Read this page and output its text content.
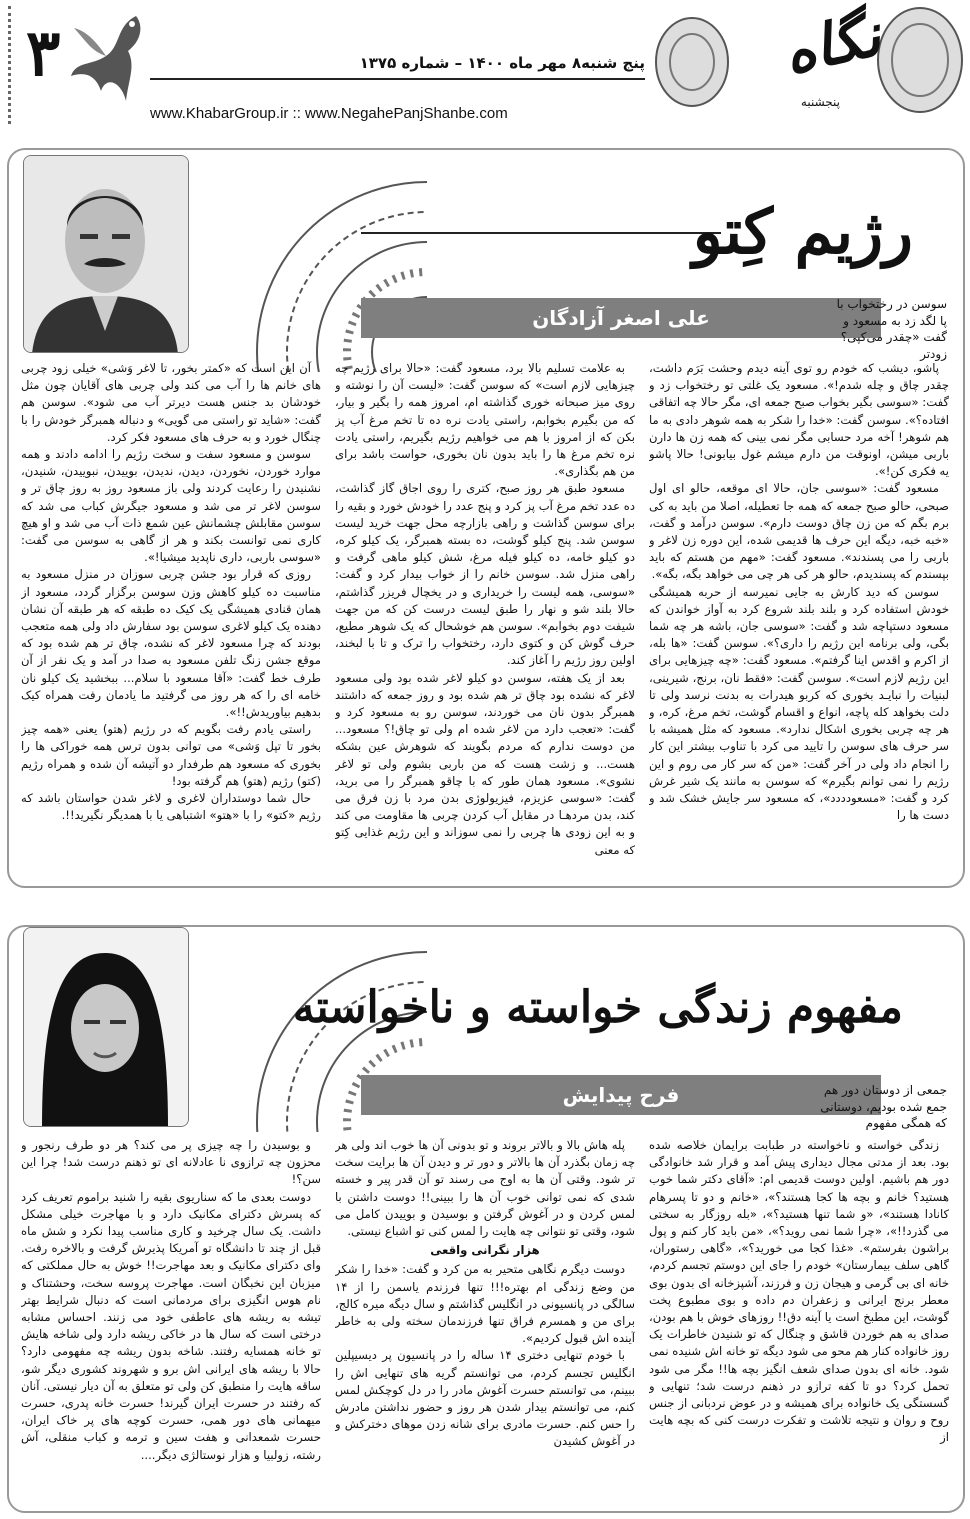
۳	پنج شنبه۸ مهر ماه ۱۴۰۰ – شماره ۱۳۷۵
www.KhabarGroup.ir :: www.NegahePanjShanbe.com
نگاه
پنجشنبه
رژیم کِتو
علی اصغر آزادگان
سوسن در رختخواب با پا لگد زد به مسعود و گفت «چقدر می‌کپی؟ زودتر

پاشو، دیشب که خودم رو توی آینه دیدم وحشت بَرَم داشت، چقدر چاق و چله شدم!». مسعود یک غلتی تو رختخواب زد و گفت: «سوسی بگیر بخواب صبح جمعه ای، مگر حالا چه اتفاقی افتاده؟». سوسن گفت: «خدا را شکر به همه شوهر دادی به ما هم شوهر! آخه مرد حسابی مگر نمی بینی که همه زن ها دارن باربی میشن، اونوقت من دارم میشم غول بیابونی! حالا پاشو یه فکری کن!».

مسعود گفت: «سوسی جان، حالا ای موقعه، حالو ای اول صبحی، حالو صبح جمعه که همه جا تعطیله، اصلا من باید به کی برم بگم که من زن چاق دوست دارم». سوسن درآمد و گفت، «خبه خبه، دیگه این حرف ها قدیمی شده، این دوره زن لاغر و باربی را می پسندند». مسعود گفت: «مهم من هستم که باید بپسندم که پسندیدم، حالو هر کی هر چی می خواهد بگه، بگه».

سوسن که دید کارش به جایی نمیرسه از حربه همیشگی خودش استفاده کرد و بلند بلند شروع کرد به آواز خواندن که مسعود دستپاچه شد و گفت: «سوسی جان، باشه هر چه شما بگی، ولی برنامه این رژیم را داری؟». سوسن گفت: «ها بله، از اکرم و اقدس اینا گرفتم». مسعود گفت: «چه چیزهایی برای این رژیم لازم است». سوسن گفت: «فقط نان، برنج، شیرینی، لبنیات را نبایـد بخوری که کربو هیدرات به بدنت نرسد ولی تا دلت بخواهد کله پاچه، انواع و اقسام گوشت، تخم مرغ، کره، و هر چه چربی بخوری اشکال ندارد». مسعود که مثل همیشه با سر حرف های سوسن را تایید می کرد با تناوب بیشتر این کار را انجام داد ولی در آخر گفت: «من که سر کار می روم و این رژیم را نمی توانم بگیرم» که سوسن به مانند یک شیر غرش کرد و گفت: «مسعودددد»، که مسعود سر جایش خشک شد و دست ها را

به علامت تسلیم بالا برد، مسعود گفت: «حالا برای رژیم چه چیزهایی لازم است» که سوسن گفت: «لیست آن را نوشته و روی میز صبحانه خوری گذاشته ام، امروز همه را بگیر و بیار، که من بگیرم بخوابم، راستی یادت نره ده تا تخم مرغ آب پز بکن که از امروز با هم می خواهیم رژیم بگیریم، راستی یادت نره تخم مرغ ها را باید بدون نان بخوری، حواست باشد برای من هم بگذاری».

مسعود طبق هر روز صبح، کتری را روی اجاق گاز گذاشت، ده عدد تخم مرغ آب پز کرد و پنج عدد را خودش خورد و بقیه را برای سوسن گذاشت و راهی بازارچه محل جهت خرید لیست سوسن شد. پنج کیلو گوشت، ده بسته همبرگر، یک کیلو کره، دو کیلو خامه، ده کیلو فیله مرغ، شش کیلو ماهی گرفت و راهی منزل شد. سوسن خانم را از خواب بیدار کرد و گفت: «سوسی، همه لیست را خریداری و در یخچال فریزر گذاشتم، حالا بلند شو و نهار را طبق لیست درست کن که من جهت شیفت دوم بخوابم». سوسن هم خوشحال که یک شوهر مطیع، حرف گوش کن و کتوی دارد، رختخواب را ترک و تا با لبخند، اولین روز رژیم را آغاز کند.

بعد از یک هفته، سوسن دو کیلو لاغر شده بود ولی مسعود لاغر که نشده بود چاق تر هم شده بود و روز جمعه که داشتند همبرگر بدون نان می خوردند، سوسن رو به مسعود کرد و گفت: «تعجب دارد من لاغر شده ام ولی تو چاق!؟ مسعود... من دوست ندارم که مردم بگویند که شوهرش عین بشکه هست... و زشت هست که من باربی بشوم ولی تو لاغر نشوی». مسعود همان طور که با چاقو همبرگر را می برید، گفت: «سوسی عزیزم، فیزیولوژی بدن مرد با زن فرق می کند، بدن مردهـا در مقابل آب کردن چربی ها مقاومت می کند و به این زودی ها چربی را نمی سوزاند و این رژیم غذایی کِتو که معنی

آن این است که «کمتر بخور، تا لاغر وَشی» خیلی زود چربی های خانم ها را آب می کند ولی چربی های آقایان چون مثل خودشان بد جنس هست دیرتر آب می شود». سوسن هم گفت: «شاید تو راستی می گویی» و دنباله همبرگر خودش را با چنگال خورد و به حرف های مسعود فکر کرد.

سوسن و مسعود سفت و سخت رژیم را ادامه دادند و همه موارد خوردن، نخوردن، دیدن، ندیدن، بوییدن، نبوییدن، شنیدن، نشنیدن را رعایت کردند ولی باز مسعود روز به روز چاق تر و سوسن لاغر تر می شد و مسعود جیگرش کباب می شد که سوسن مقابلش چشمانش عین شمع ذات آب می شد و او هیچ کاری نمی توانست بکند و هر از گاهی به سوسن می گفت: «سوسی باربی، داری ناپدید میشیا!».

روزی که قرار بود جشن چربی سوزان در منزل مسعود به مناسبت ده کیلو کاهش وزن سوسن برگزار گردد، مسعود از همان قنادی همیشگی یک کیک ده طبقه که هر طبقه آن نشان دهنده یک کیلو لاغری سوسن بود سفارش داد ولی همه متعجب بودند که چرا مسعود لاغر که نشده، چاق تر هم شده بود که موقع جشن زنگ تلفن مسعود به صدا در آمد و یک نفر از آن طرف خط گفت: «آقا مسعود با سلام... ببخشید یک کیلو نان خامه ای را که هر روز می گرفتید ما یادمان رفت همراه کیک بدهیم بیاوریدش!!».

راستی یادم رفت بگویم که در رژیم (هتو) یعنی «همه چیز بخور تا تپل وَشی» می توانی بدون ترس همه خوراکی ها را بخوری که مسعود هم طرفدار دو آتیشه آن شده و همراه رژیم (کتو) رژیم (هتو) هم گرفته بود!

حال شما دوستداران لاغری و لاغر شدن حواستان باشد که رژیم «کتو» را با «هتو» اشتباهی یا با همدیگر نگیرید!!.

مفهوم زندگی خواسته و ناخواسته
فرح پیدایش	جمعی از دوستان دور هم جمع شده بودیم، دوستانی که همگی مفهوم

زندگی خواسته و ناخواسته در طبابت برایمان خلاصه شده بود. بعد از مدتی مجال دیداری پیش آمد و قرار شد خانوادگی دور هم باشیم. اولین دوست قدیمی ام: «آقای دکتر شما خوب هستید؟ خانم و بچه ها کجا هستند؟»، «خانم و دو تا پسرهام کانادا هستند»، «و شما تنها هستید؟»، «بله روزگار به سختی می گذرد!!»، «چرا شما نمی روید؟»، «من باید کار کنم و پول براشون بفرستم». «غذا کجا می خورید؟»، «گاهی رستوران، گاهی سلف بیمارستان» خودم را جای این دوستم تجسم کردم، خانه ای بی گرمی و هیجان زن و فرزند، آشپزخانه ای بدون بوی معطر برنج ایرانی و زعفران دم داده و بوی مطبوع پخت گوشت، این مطبخ است یا آینه دق!! روزهای خوش با هم بودن، صدای به هم خوردن قاشق و چنگال که تو شنیدن خاطرات یک روز خانواده کنار هم محو می شود دیگه تو خانه اش شنیده نمی شود. خانه ای بدون صدای شعف انگیز بچه ها!! مگر می شود تحمل کرد؟ دو تا کفه ترازو در ذهنم درست شد؛ تنهایی و گسستگی یک خانواده برای همیشه و در عوض نردبانی از جنس روح و روان و نتیجه تلاشت و تفکرت درست کنی که بچه هایت از

پله هاش بالا و بالاتر بروند و تو بدونی آن ها خوب اند ولی هر چه زمان بگذرد آن ها بالاتر و دور تر و دیدن آن ها برایت سخت تر شود. وقتی آن ها به اوج می رسند تو آن قدر پیر و خسته شدی که نمی توانی خوب آن ها را ببینی!! دوست داشتن با لمس کردن و در آغوش گرفتن و بوسیدن و بوییدن کامل می شود، وقتی تو نتوانی چه هایت را لمس کنی تو اشباع نیستی.

هزار نگرانی واقعی

دوست دیگرم نگاهی متحیر به من کرد و گفت: «خدا را شکر من وضع زندگی ام بهتره!!! تنها فرزندم یاسمن را از ۱۴ سالگی در پانسیونی در انگلیس گذاشتم و سال دیگه میره کالج، برای من و همسرم فراق تنها فرزندمان سخته ولی به خاطر آینده اش قبول کردیم».

با خودم تنهایی دختری ۱۴ ساله را در پانسیون پر دیسیپلین انگلیس تجسم کردم، می توانستم گریه های تنهایی اش را ببینم، می توانستم حسرت آغوش مادر را در دل کوچکش لمس کنم، می توانستم بیدار شدن هر روز و حضور نداشتن مادرش را حس کنم. حسرت مادری برای شانه زدن موهای دخترکش و در آغوش کشیدن

و بوسیدن را چه چیزی پر می کند؟ هر دو طرف رنجور و محزون چه ترازوی نا عادلانه ای تو ذهنم درست شد! چرا این سن؟!

دوست بعدی ما که سناریوی بقیه را شنید براموم تعریف کرد که پسرش دکترای مکانیک دارد و با مهاجرت خیلی مشکل داشت. یک سال چرخید و کاری مناسب پیدا نکرد و شش ماه قبل از چند تا دانشگاه تو آمریکا پذیرش گرفت و بالاخره رفت. وای دکترای مکانیک و بعد مهاجرت!! خوش به حال مملکتی که میزبان این نخبگان است. مهاجرت پروسه سخت، وحشتناک و نام هوس انگیزی برای مردمانی است که دنبال شرایط بهتر تیشه به ریشه های عاطفی خود می زنند. احساس مشابه درختی است که سال ها در خاکی ریشه دارد ولی شاخه هایش تو خانه همسایه رفتند. شاخه بدون ریشه چه مفهومی دارد؟ حالا با ریشه های ایرانی اش برو و شهروند کشوری دیگر شو، ساقه هایت را منطبق کن ولی تو متعلق به آن دیار نیستی. آنان که رفتند در حسرت ایران گیرند! حسرت خانه پدری، حسرت میهمانی های دور همی، حسرت کوچه های پر خاک ایران، حسرت شمعدانی و هفت سین و ترمه و کباب منقلی، آش رشته، زولبیا و هزار نوستالژی دیگر....
